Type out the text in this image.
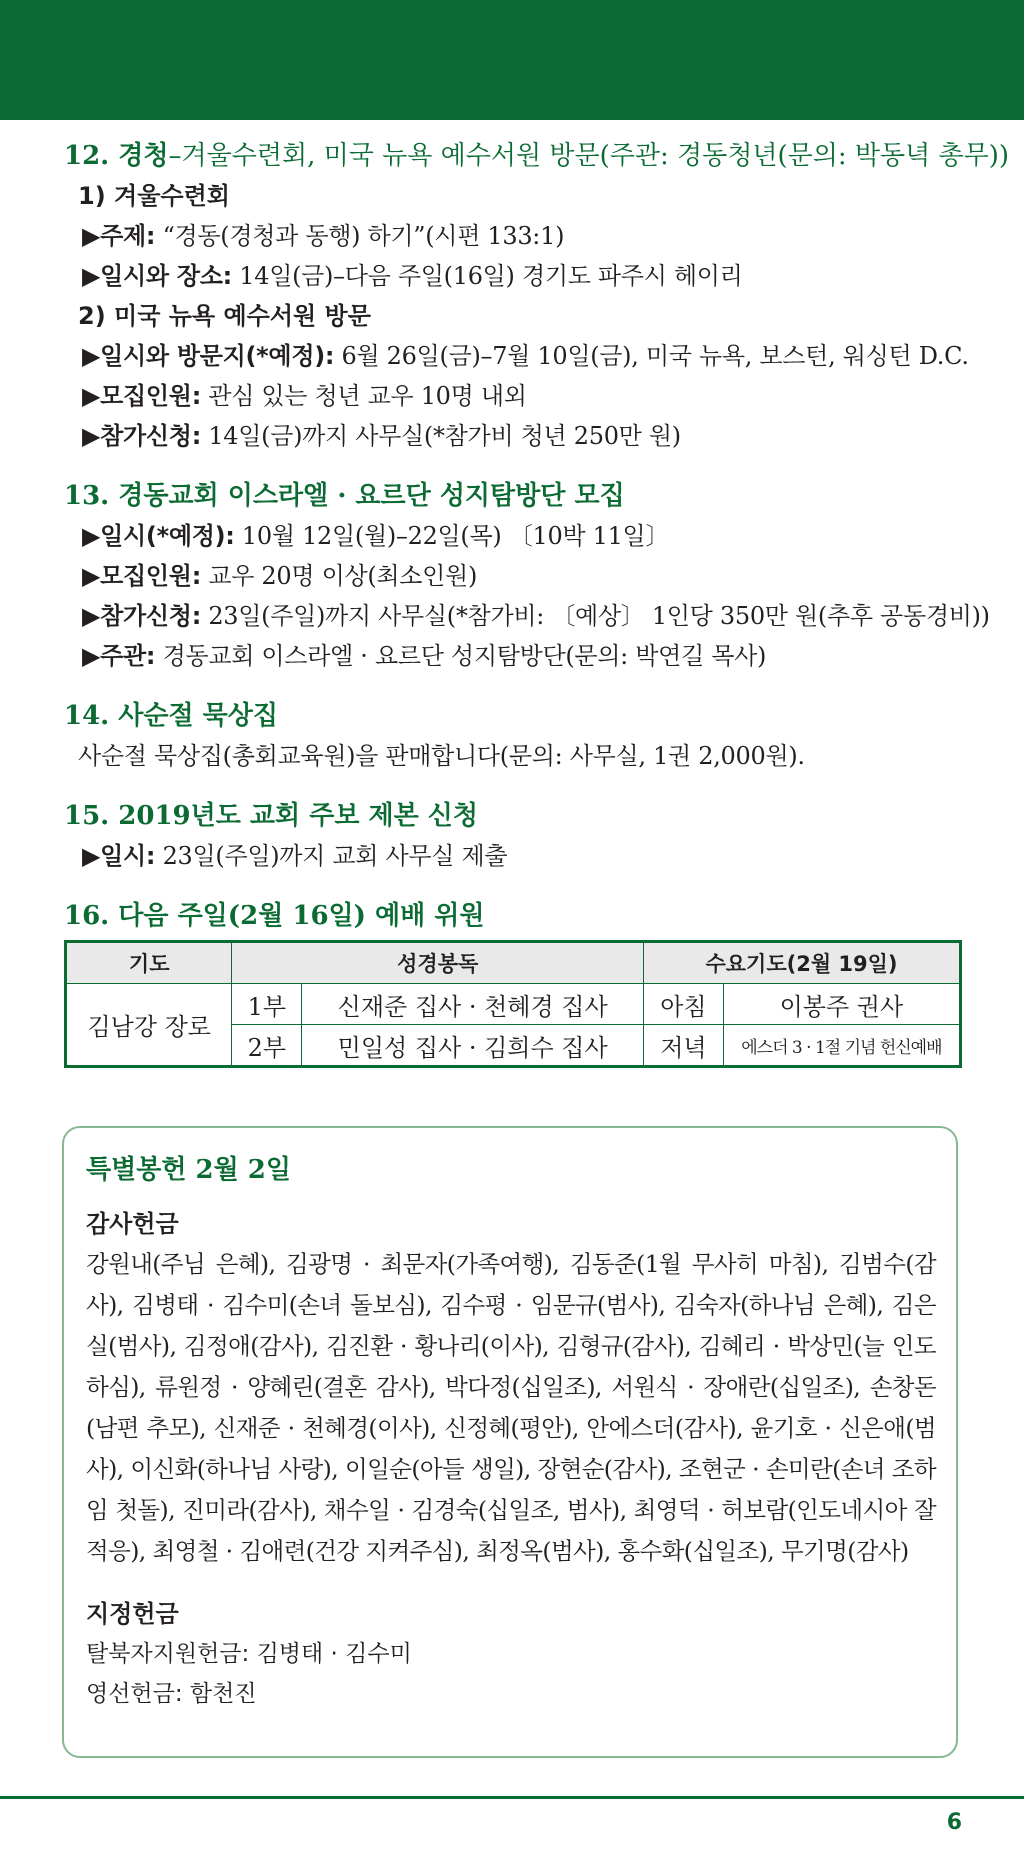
12. 경청–겨울수련회, 미국 뉴욕 예수서원 방문(주관: 경동청년(문의: 박동녁 총무))
1) 겨울수련회
▶주제: “경동(경청과 동행) 하기”(시편 133:1)
▶일시와 장소: 14일(금)–다음 주일(16일) 경기도 파주시 헤이리
2) 미국 뉴욕 예수서원 방문
▶일시와 방문지(*예정): 6월 26일(금)–7월 10일(금), 미국 뉴욕, 보스턴, 워싱턴 D.C.
▶모집인원: 관심 있는 청년 교우 10명 내외
▶참가신청: 14일(금)까지 사무실(*참가비 청년 250만 원)
13. 경동교회 이스라엘 · 요르단 성지탐방단 모집
▶일시(*예정): 10월 12일(월)–22일(목) 〔10박 11일〕
▶모집인원: 교우 20명 이상(최소인원)
▶참가신청: 23일(주일)까지 사무실(*참가비: 〔예상〕 1인당 350만 원(추후 공동경비))
▶주관: 경동교회 이스라엘 · 요르단 성지탐방단(문의: 박연길 목사)
14. 사순절 묵상집
사순절 묵상집(총회교육원)을 판매합니다(문의: 사무실, 1권 2,000원).
15. 2019년도 교회 주보 제본 신청
▶일시: 23일(주일)까지 교회 사무실 제출
16. 다음 주일(2월 16일) 예배 위원
기도	성경봉독		수요기도(2월 19일)	
김남강 장로	1부	신재준 집사 · 천혜경 집사	아침	이봉주 권사
	2부	민일성 집사 · 김희수 집사	저녁	에스더 3 · 1절 기념 헌신예배
특별봉헌 2월 2일
감사헌금
강원내(주님 은혜), 김광명 · 최문자(가족여행), 김동준(1월 무사히 마침), 김범수(감사), 김병태 · 김수미(손녀 돌보심), 김수평 · 임문규(범사), 김숙자(하나님 은혜), 김은실(범사), 김정애(감사), 김진환 · 황나리(이사), 김형규(감사), 김혜리 · 박상민(늘 인도하심), 류원정 · 양혜린(결혼 감사), 박다정(십일조), 서원식 · 장애란(십일조), 손창돈(남편 추모), 신재준 · 천혜경(이사), 신정혜(평안), 안에스더(감사), 윤기호 · 신은애(범사), 이신화(하나님 사랑), 이일순(아들 생일), 장현순(감사), 조현군 · 손미란(손녀 조하임 첫돌), 진미라(감사), 채수일 · 김경숙(십일조, 범사), 최영덕 · 허보람(인도네시아 잘 적응), 최영철 · 김애련(건강 지켜주심), 최정옥(범사), 홍수화(십일조), 무기명(감사)
지정헌금
탈북자지원헌금: 김병태 · 김수미
영선헌금: 함천진
6
